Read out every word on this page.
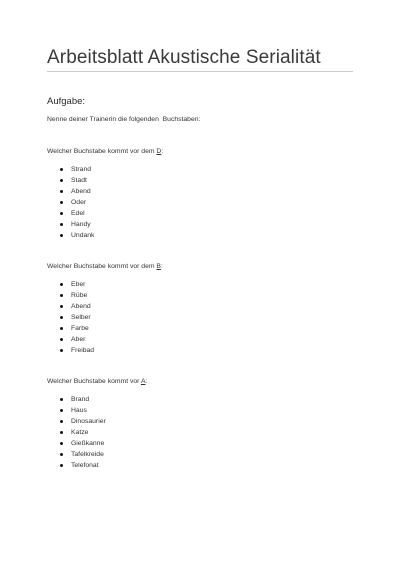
Arbeitsblatt Akustische Serialität
Aufgabe:
Nenne deiner Trainerin die folgenden  Buchstaben:
Welcher Buchstabe kommt vor dem D:
Strand
Stadt
Abend
Oder
Edel
Handy
Undank
Welcher Buchstabe kommt vor dem B:
Eber
Rübe
Abend
Selber
Farbe
Aber
Freibad
Welcher Buchstabe kommt vor A:
Brand
Haus
Dinosaurier
Katze
Gießkanne
Tafelkreide
Telefonat
